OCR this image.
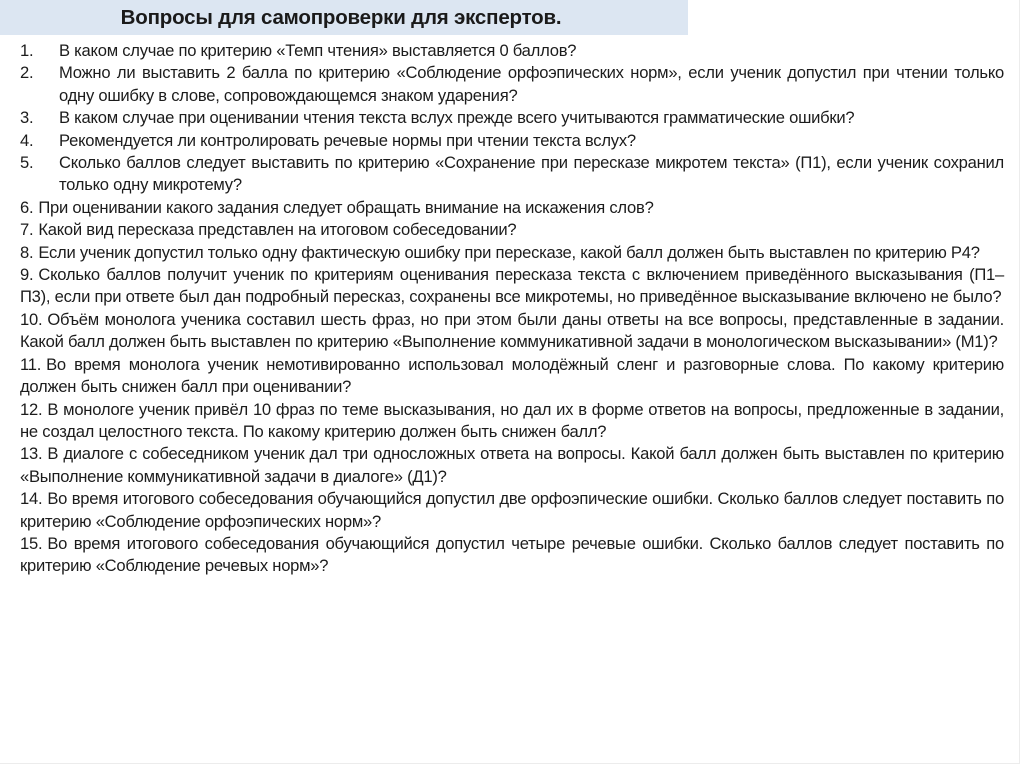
Вопросы для самопроверки для экспертов.
1.	В каком случае по критерию «Темп чтения» выставляется 0 баллов?
2.	Можно ли выставить 2 балла по критерию «Соблюдение орфоэпических норм», если ученик допустил при чтении только одну ошибку в слове, сопровождающемся знаком ударения?
3.	В каком случае при оценивании чтения текста вслух прежде всего учитываются грамматические ошибки?
4.	Рекомендуется ли контролировать речевые нормы при чтении текста вслух?
5.	Сколько баллов следует выставить по критерию «Сохранение при пересказе микротем текста» (П1), если ученик сохранил только одну микротему?
6. При оценивании какого задания следует обращать внимание на искажения слов?
7. Какой вид пересказа представлен на итоговом собеседовании?
8. Если ученик допустил только одну фактическую ошибку при пересказе, какой балл должен быть выставлен по критерию Р4?
9. Сколько баллов получит ученик по критериям оценивания пересказа текста с включением приведённого высказывания (П1–П3), если при ответе был дан подробный пересказ, сохранены все микротемы, но приведённое высказывание включено не было?
10. Объём монолога ученика составил шесть фраз, но при этом были даны ответы на все вопросы, представленные в задании. Какой балл должен быть выставлен по критерию «Выполнение коммуникативной задачи в монологическом высказывании» (М1)?
11. Во время монолога ученик немотивированно использовал молодёжный сленг и разговорные слова. По какому критерию должен быть снижен балл при оценивании?
12. В монологе ученик привёл 10 фраз по теме высказывания, но дал их в форме ответов на вопросы, предложенные в задании, не создал целостного текста. По какому критерию должен быть снижен балл?
13. В диалоге с собеседником ученик дал три односложных ответа на вопросы. Какой балл должен быть выставлен по критерию «Выполнение коммуникативной задачи в диалоге» (Д1)?
14. Во время итогового собеседования обучающийся допустил две орфоэпические ошибки. Сколько баллов следует поставить по критерию «Соблюдение орфоэпических норм»?
15. Во время итогового собеседования обучающийся допустил четыре речевые ошибки. Сколько баллов следует поставить по критерию «Соблюдение речевых норм»?
